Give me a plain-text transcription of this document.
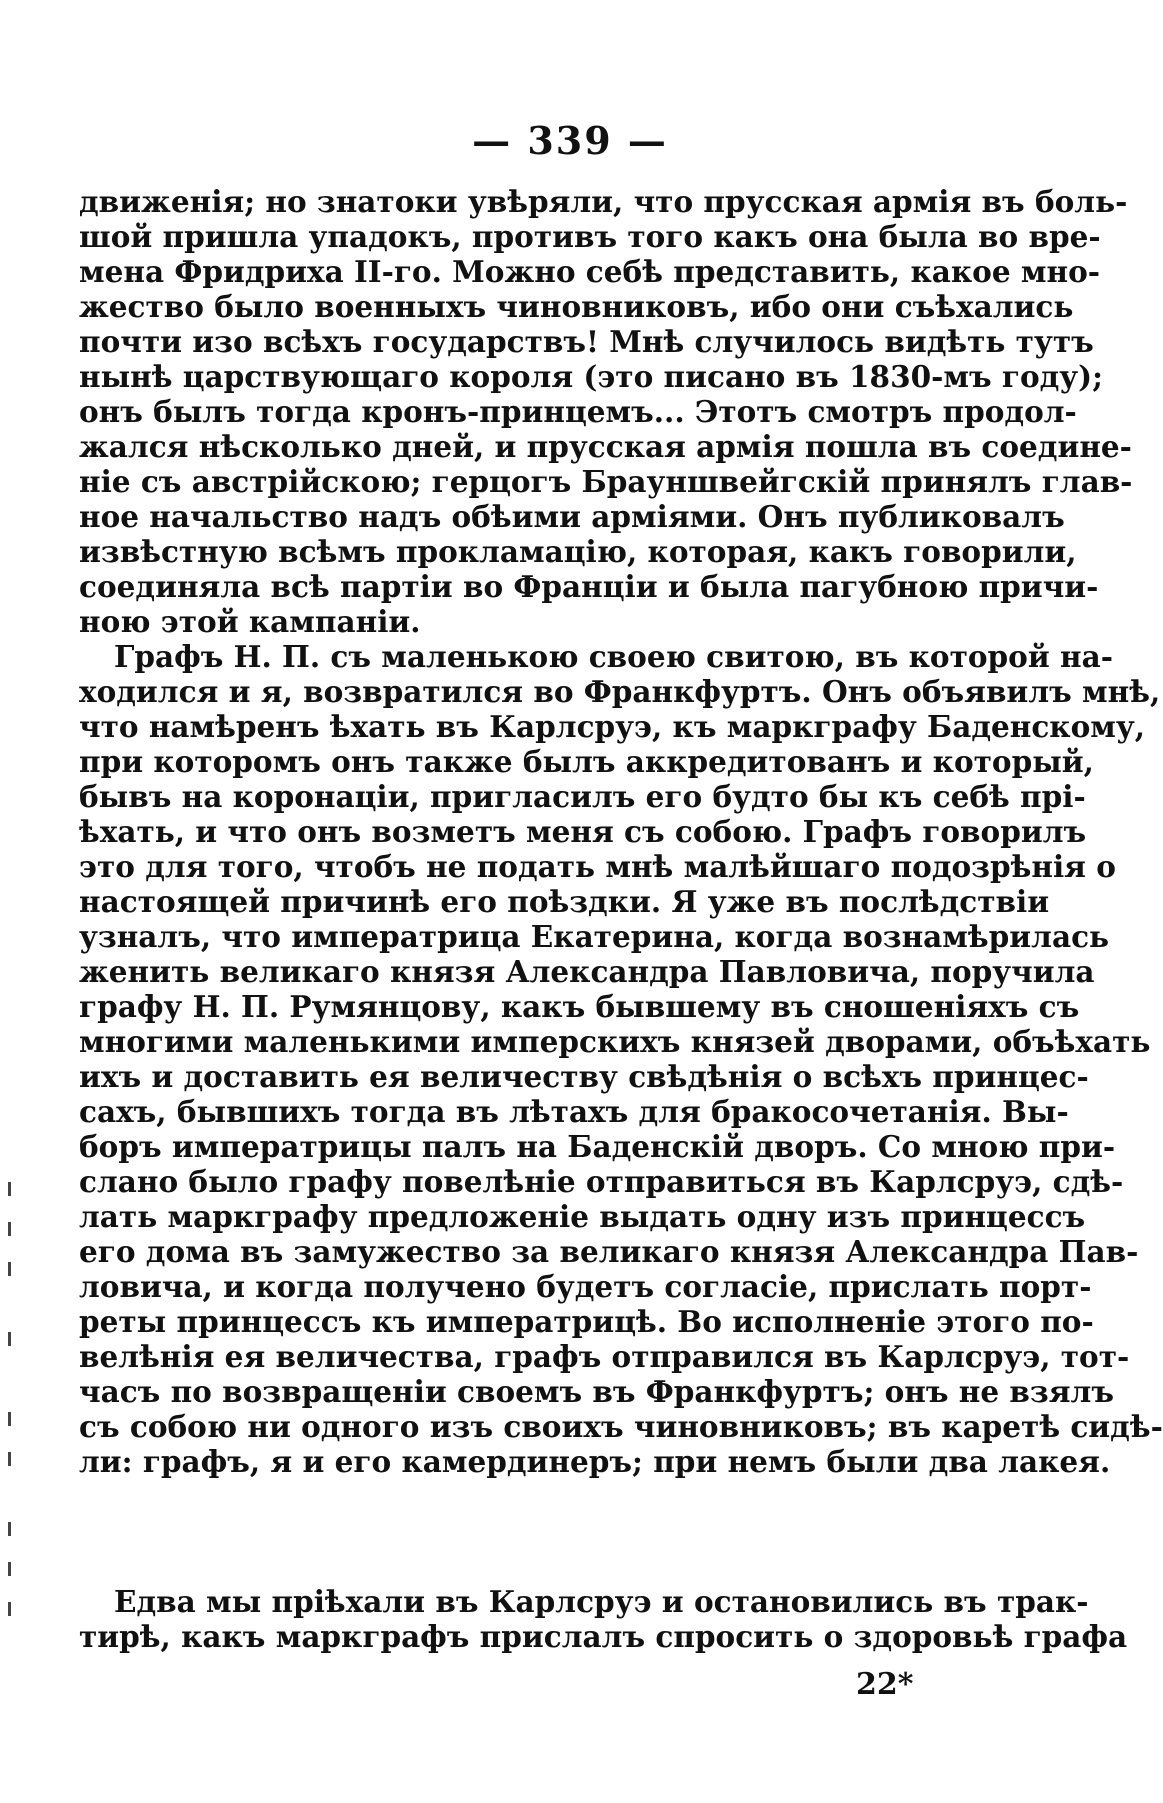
— 339 —
движенія; но знатоки увѣряли, что прусская армія въ боль-
шой пришла упадокъ, противъ того какъ она была во вре-
мена Фридриха II-го. Можно себѣ представить, какое мно-
жество было военныхъ чиновниковъ, ибо они съѣхались
почти изо всѣхъ государствъ! Мнѣ случилось видѣть тутъ
нынѣ царствующаго короля (это писано въ 1830-мъ году);
онъ былъ тогда кронъ-принцемъ... Этотъ смотръ продол-
жался нѣсколько дней, и прусская армія пошла въ соедине-
ніе съ австрійскою; герцогъ Брауншвейгскій принялъ глав-
ное начальство надъ обѣими арміями. Онъ публиковалъ
извѣстную всѣмъ прокламацію, которая, какъ говорили,
соединяла всѣ партіи во Франціи и была пагубною причи-
ною этой кампаніи.
Графъ Н. П. съ маленькою своею свитою, въ которой на-
ходился и я, возвратился во Франкфуртъ. Онъ объявилъ мнѣ,
что намѣренъ ѣхать въ Карлсруэ, къ маркграфу Баденскому,
при которомъ онъ также былъ аккредитованъ и который,
бывъ на коронаціи, пригласилъ его будто бы къ себѣ прі-
ѣхать, и что онъ возметъ меня съ собою. Графъ говорилъ
это для того, чтобъ не подать мнѣ малѣйшаго подозрѣнія о
настоящей причинѣ его поѣздки. Я уже въ послѣдствіи
узналъ, что императрица Екатерина, когда вознамѣрилась
женить великаго князя Александра Павловича, поручила
графу Н. П. Румянцову, какъ бывшему въ сношеніяхъ съ
многими маленькими имперскихъ князей дворами, объѣхать
ихъ и доставить ея величеству свѣдѣнія о всѣхъ принцес-
сахъ, бывшихъ тогда въ лѣтахъ для бракосочетанія. Вы-
боръ императрицы палъ на Баденскій дворъ. Со мною при-
слано было графу повелѣніе отправиться въ Карлсруэ, сдѣ-
лать маркграфу предложеніе выдать одну изъ принцессъ
его дома въ замужество за великаго князя Александра Пав-
ловича, и когда получено будетъ согласіе, прислать порт-
реты принцессъ къ императрицѣ. Во исполненіе этого по-
велѣнія ея величества, графъ отправился въ Карлсруэ, тот-
часъ по возвращеніи своемъ въ Франкфуртъ; онъ не взялъ
съ собою ни одного изъ своихъ чиновниковъ; въ каретѣ сидѣ-
ли: графъ, я и его камердинеръ; при немъ были два лакея.
Едва мы пріѣхали въ Карлсруэ и остановились въ трак-
тирѣ, какъ маркграфъ прислалъ спросить о здоровьѣ графа
22*
